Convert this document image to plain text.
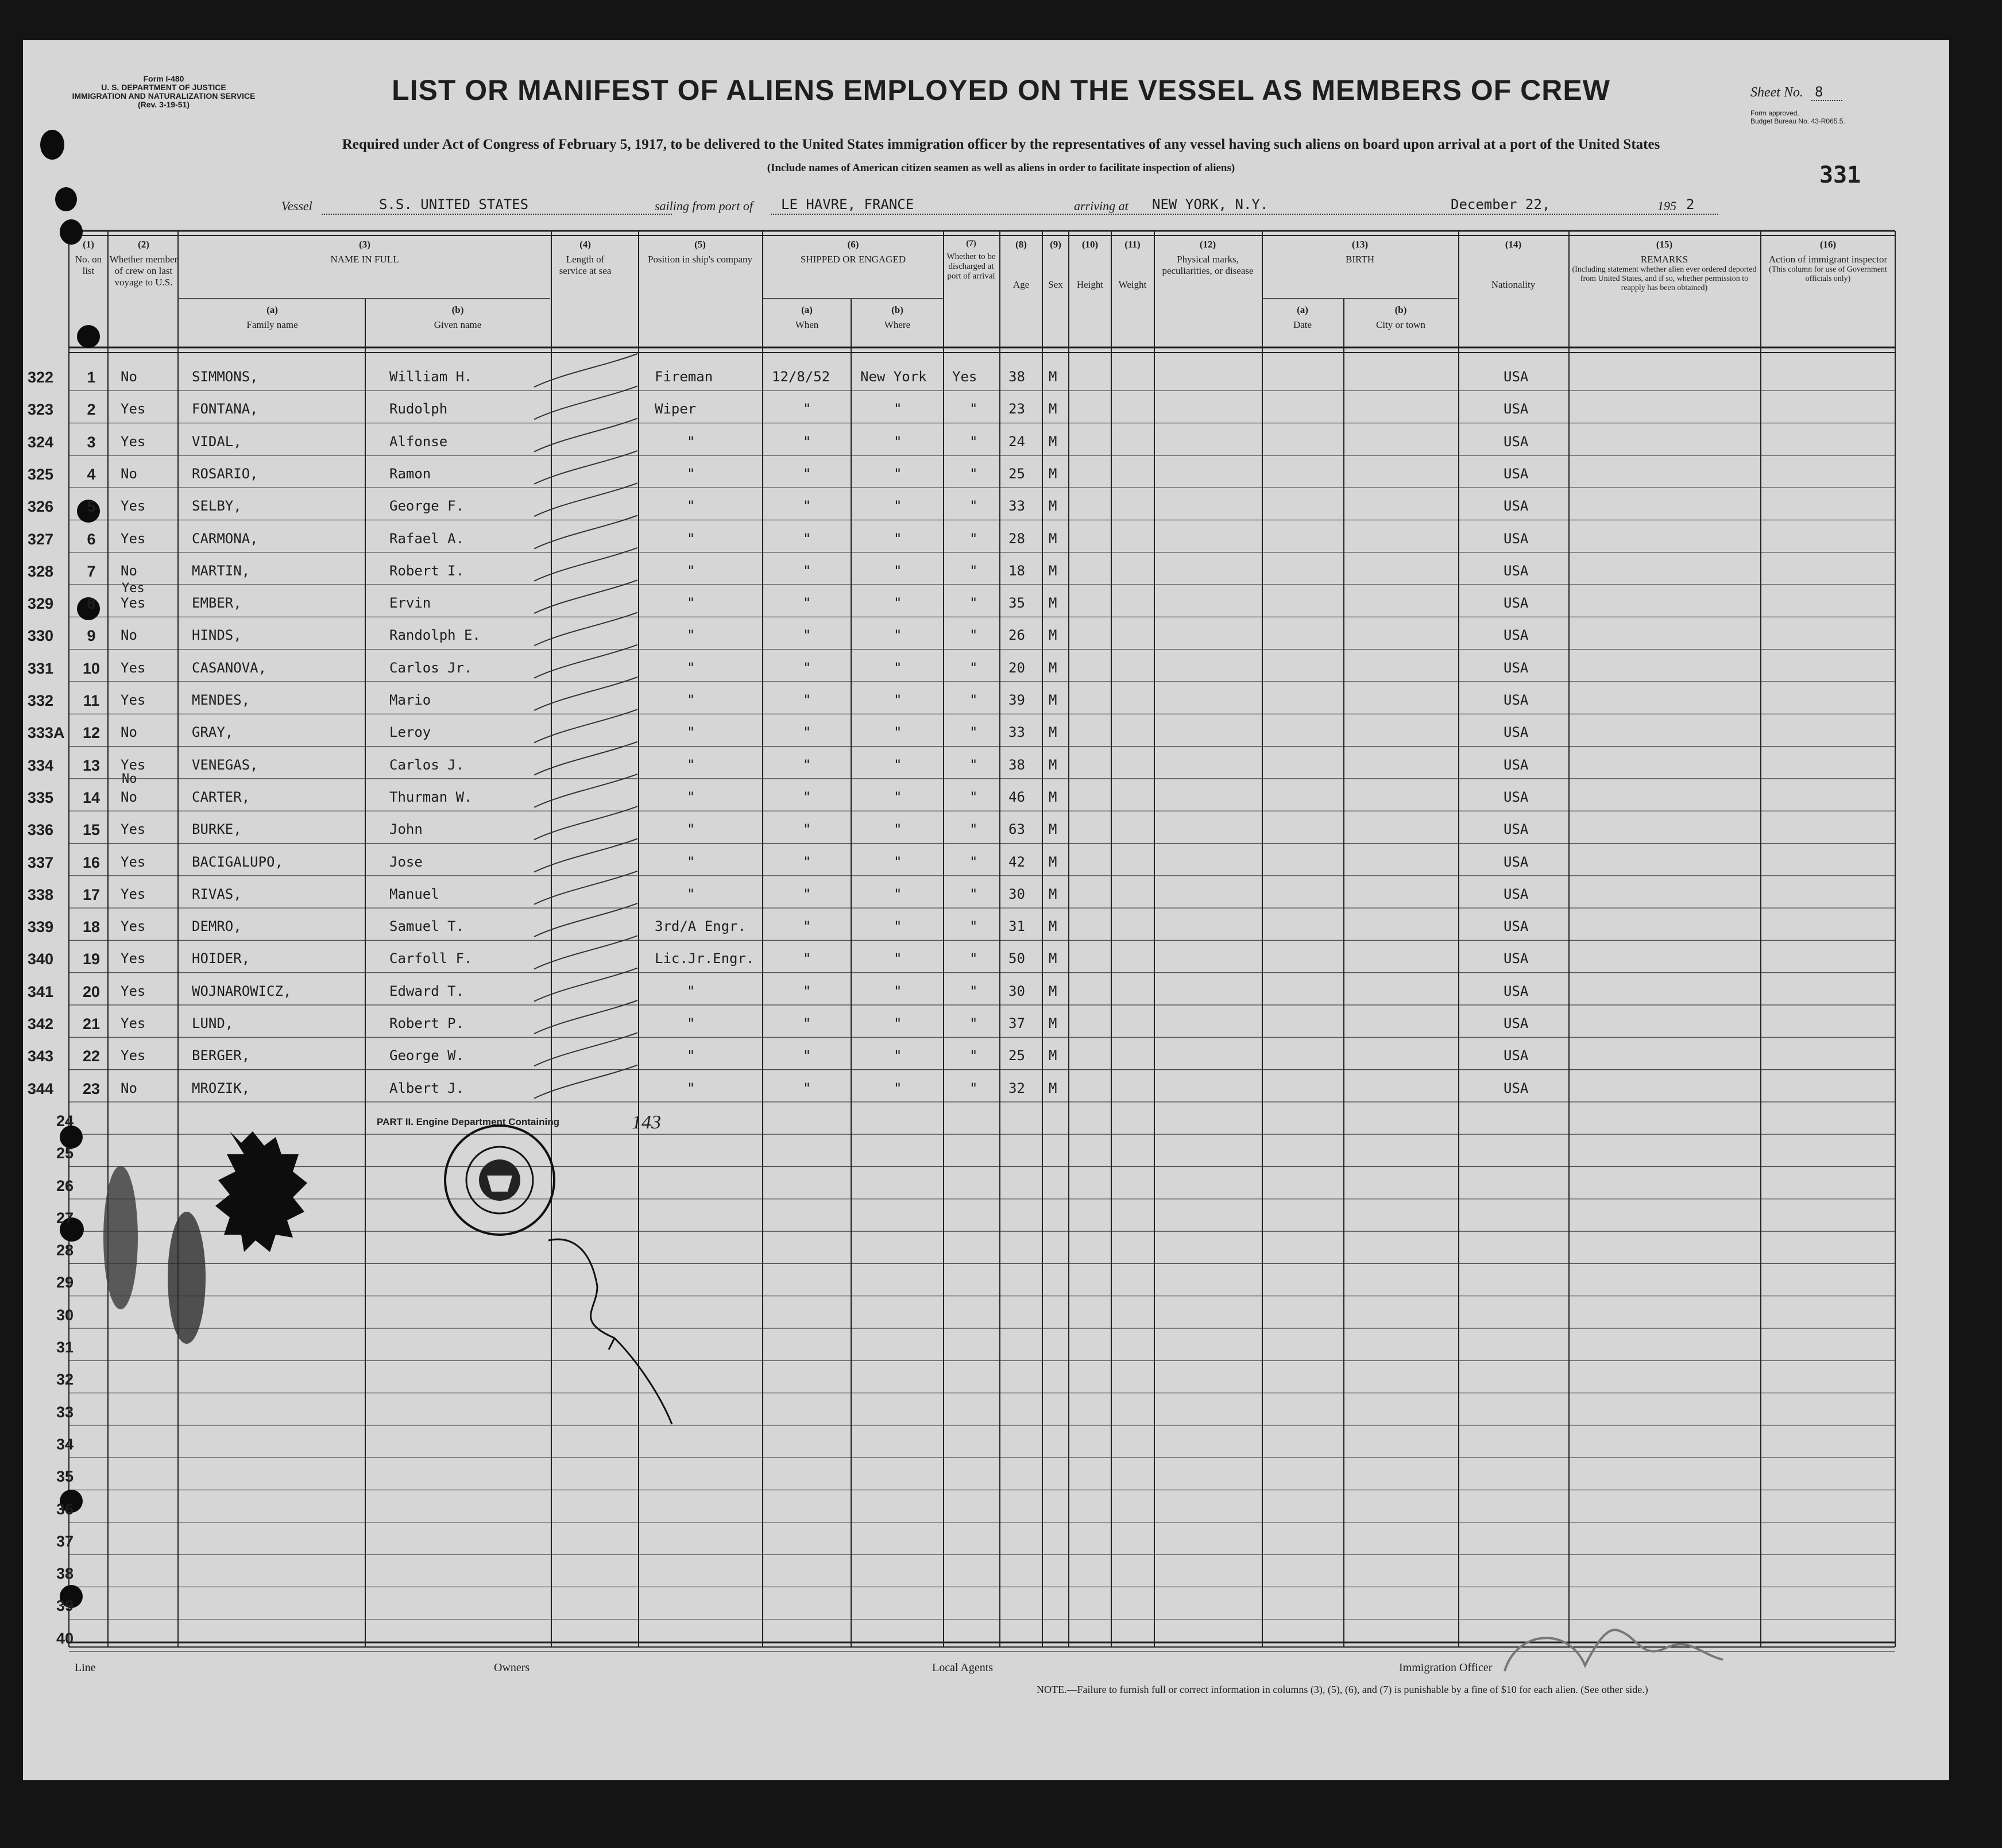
Form I-480
U. S. DEPARTMENT OF JUSTICE
IMMIGRATION AND NATURALIZATION SERVICE
(Rev. 3-19-51)	LIST OR MANIFEST OF ALIENS EMPLOYED ON THE VESSEL AS MEMBERS OF CREW
Required under Act of Congress of February 5, 1917, to be delivered to the United States immigration officer by the representatives of any vessel having such aliens on board upon arrival at a port of the United States
(Include names of American citizen seamen as well as aliens in order to facilitate inspection of aliens)
Sheet No. 8
Form approved.
Budget Bureau No. 43-R065.5.
331
Vessel	S.S. UNITED STATES	sailing from port of LE HAVRE, FRANCE	arriving at NEW YORK, N.Y.	December 22,	195 2
(1)
No. on list
(2)
Whether member of crew on last voyage to U.S.
(3)
NAME IN FULL
(a)
Family name
(b)
Given name
(4)
Length of service at sea
(5)
Position in ship's company
(6)
SHIPPED OR ENGAGED
(a)
When
(b)
Where
(7)
Whether to be discharged at port of arrival
(8)
Age
(9)
Sex
(10)
Height
(11)
Weight
(12)
Physical marks, peculiarities, or disease
(13)
BIRTH
(a)
Date
(b)
City or town
(14)
Nationality
(15)
REMARKS
(Including statement whether alien ever ordered deported from United States, and if so, whether permission to reapply has been obtained)
(16)
Action of immigrant inspector
(This column for use of Government officials only)
322	1	No	SIMMONS,	William H.	Fireman	12/8/52 New York Yes 38 M	USA
323	2	Yes	FONTANA,	Rudolph	Wiper	"	"	" 23 M	USA
324	3	Yes	VIDAL,	Alfonse	"	"	"	" 24 M	USA
325	4	No	ROSARIO,	Ramon	"	"	"	" 25 M	USA
326	5	Yes	SELBY,	George F.	"	"	"	" 33 M	USA
327	6	Yes	CARMONA,	Rafael A.	"	"	"	" 28 M	USA
328	7	No	MARTIN,	Robert I.	"	"	"	" 18 M	USA
329	8	Yes	EMBER,	Ervin	"	"	"	" 35 M	USA
330	9	No	HINDS,	Randolph E.	"	"	"	" 26 M	USA
331	10	Yes	CASANOVA,	Carlos Jr.	"	"	"	" 20 M	USA
332	11	Yes	MENDES,	Mario	"	"	"	" 39 M	USA
333A	12	No	GRAY,	Leroy	"	"	"	" 33 M	USA
334	13	Yes	VENEGAS,	Carlos J.	"	"	"	" 38 M	USA
335	14	No	CARTER,	Thurman W.	"	"	"	" 46 M	USA
336	15	Yes	BURKE,	John	"	"	"	" 63 M	USA
337	16	Yes	BACIGALUPO,	Jose	"	"	"	" 42 M	USA
338	17	Yes	RIVAS,	Manuel	"	"	"	" 30 M	USA
339	18	Yes	DEMRO,	Samuel T.	3rd/A Engr.	"	"	" 31 M	USA
340	19	Yes	HOIDER,	Carfoll F.	Lic.Jr.Engr.	"	"	" 50 M	USA
341	20	Yes	WOJNAROWICZ,	Edward T.	"	"	"	" 30 M	USA
342	21	Yes	LUND,	Robert P.	"	"	"	" 37 M	USA
343	22	Yes	BERGER,	George W.	"	"	"	" 25 M	USA
344	23	No	MROZIK,	Albert J.	"	"	"	" 32 M	USA
24
25
26
27
28
29
30
31
32
33
34
35
36
37
38
39
40
Yes
No
PART II. Engine Department Containing	143
Line	Owners	Local Agents	Immigration Officer
NOTE.—Failure to furnish full or correct information in columns (3), (5), (6), and (7) is punishable by a fine of $10 for each alien. (See other side.)
